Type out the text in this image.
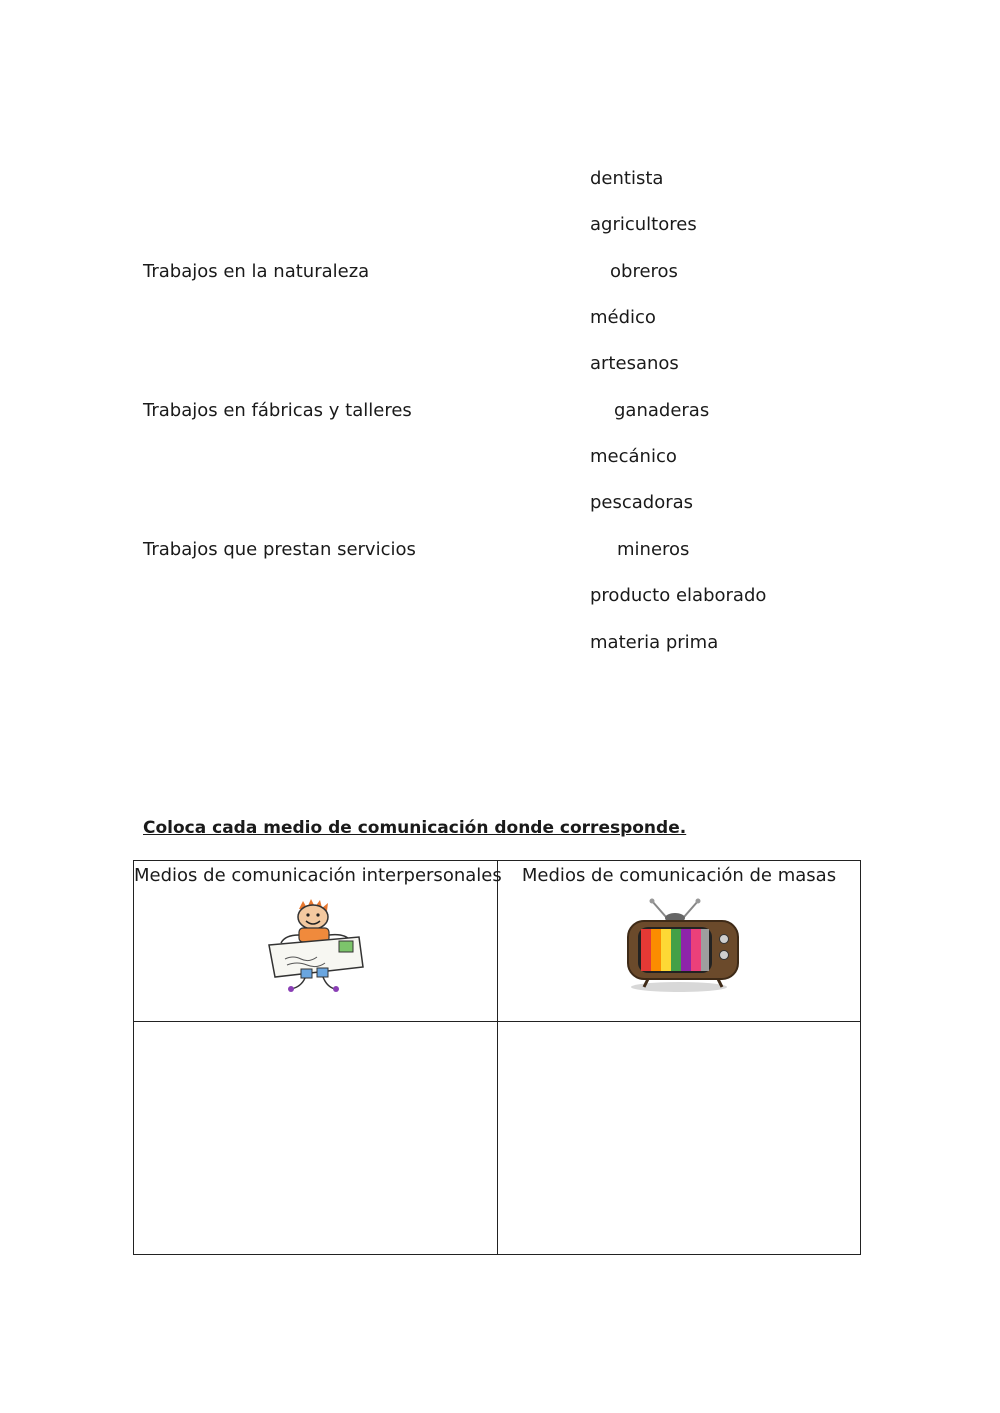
Trabajos en la naturaleza
Trabajos en fábricas y talleres
Trabajos que prestan servicios
dentista
agricultores
obreros
médico
artesanos
ganaderas
mecánico
pescadoras
mineros
producto elaborado
materia prima
Coloca cada medio de comunicación donde corresponde.
Medios de comunicación interpersonales	Medios de comunicación de masas
